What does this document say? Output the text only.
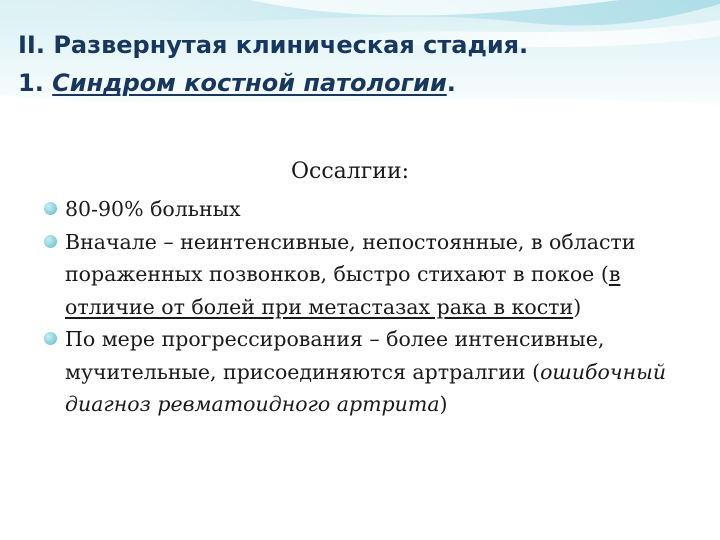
II. Развернутая клиническая стадия.
1. Синдром костной патологии.
Оссалгии:
80-90% больных
Вначале – неинтенсивные, непостоянные, в области пораженных позвонков, быстро стихают в покое (в отличие от болей при метастазах рака в кости)
По мере прогрессирования – более интенсивные, мучительные, присоединяются артралгии (ошибочный диагноз ревматоидного артрита)
